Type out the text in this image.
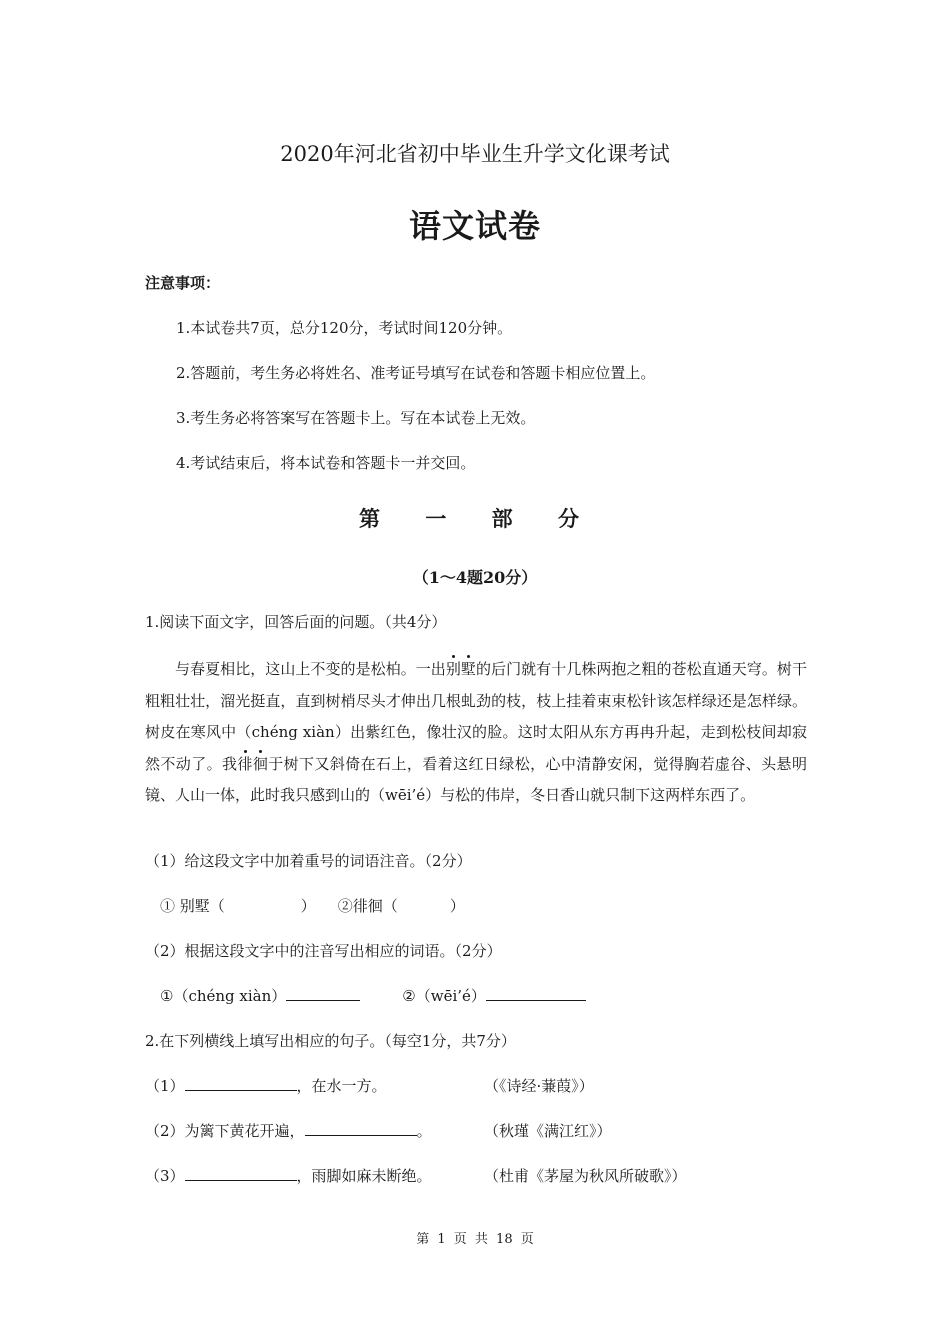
2020年河北省初中毕业生升学文化课考试
语文试卷
注意事项：
1.本试卷共7页，总分120分，考试时间120分钟。
2.答题前，考生务必将姓名、准考证号填写在试卷和答题卡相应位置上。
3.考生务必将答案写在答题卡上。写在本试卷上无效。
4.考试结束后，将本试卷和答题卡一并交回。
第 一 部 分
（1～4题20分）
1.阅读下面文字，回答后面的问题。（共4分）
与春夏相比，这山上不变的是松柏。一出别墅的后门就有十几株两抱之粗的苍松直通天穹。树干粗粗壮壮，溜光挺直，直到树梢尽头才伸出几根虬劲的枝，枝上挂着束束松针该怎样绿还是怎样绿。树皮在寒风中（chéng xiàn）出紫红色，像壮汉的脸。这时太阳从东方再冉升起，走到松枝间却寂然不动了。我徘徊于树下又斜倚在石上，看着这红日绿松，心中清静安闲，觉得胸若虚谷、头悬明镜、人山一体，此时我只感到山的（wēi’é）与松的伟岸，冬日香山就只制下这两样东西了。
（1）给这段文字中加着重号的词语注音。（2分）
① 别墅（	） ②徘徊（	）
（2）根据这段文字中的注音写出相应的词语。（2分）
①（chéng xiàn）	②（wēi’é）
2.在下列横线上填写出相应的句子。（每空1分，共7分）
（1）	，在水一方。	（《诗经·蒹葭》）
（2）为篱下黄花开遍，	。	（秋瑾《满江红》）
（3）	，雨脚如麻未断绝。	（杜甫《茅屋为秋风所破歌》）
第 1 页 共 18 页
